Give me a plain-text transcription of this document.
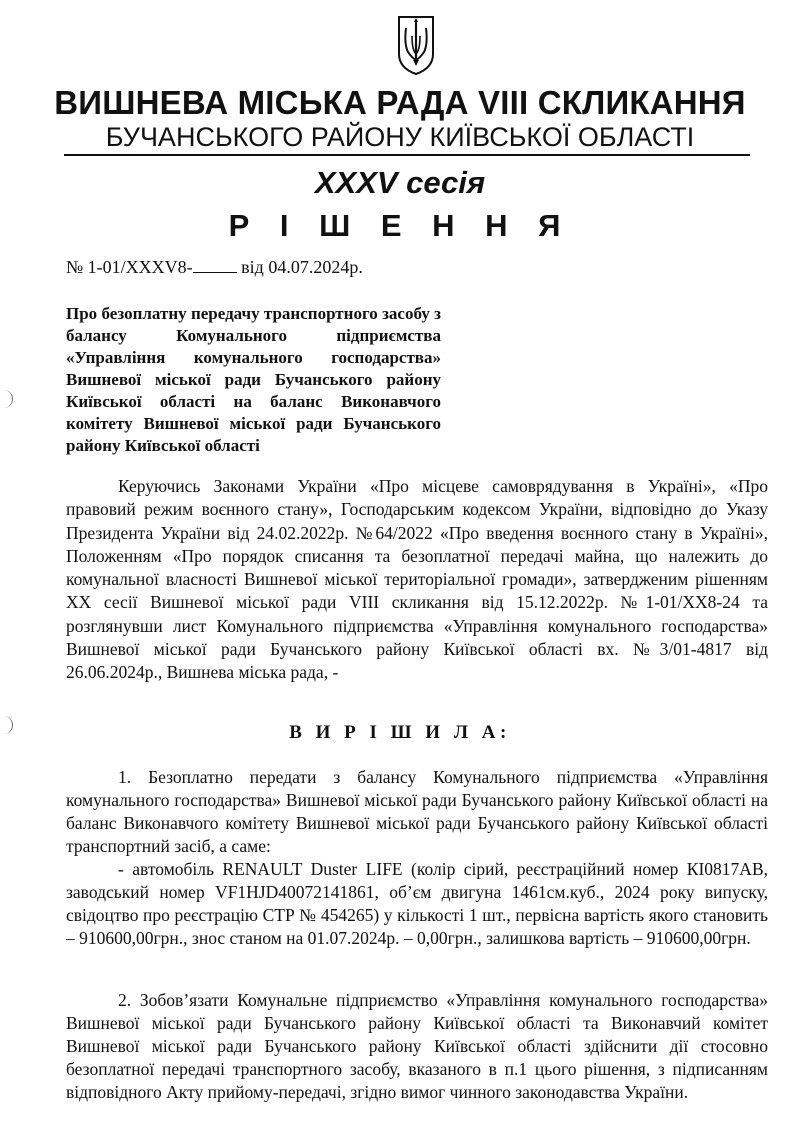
ВИШНЕВА МІСЬКА РАДА VIII СКЛИКАННЯ
БУЧАНСЬКОГО РАЙОНУ КИЇВСЬКОЇ ОБЛАСТІ
XXXV сесія
Р І Ш Е Н Н Я
№ 1-01/XXXV8- від 04.07.2024р.

Про безоплатну передачу транспортного засобу з балансу Комунального підприємства «Управління комунального господарства» Вишневої міської ради Бучанського району Київської області на баланс Виконавчого комітету Вишневої міської ради Бучанського району Київської області

Керуючись Законами України «Про місцеве самоврядування в Україні», «Про правовий режим воєнного стану», Господарським кодексом України, відповідно до Указу Президента України від 24.02.2022р. №64/2022 «Про введення воєнного стану в Україні», Положенням «Про порядок списання та безоплатної передачі майна, що належить до комунальної власності Вишневої міської територіальної громади», затвердженим рішенням XX сесії Вишневої міської ради VIII скликання від 15.12.2022р. №1-01/XX8-24 та розглянувши лист Комунального підприємства «Управління комунального господарства» Вишневої міської ради Бучанського району Київської області вх. №3/01-4817 від 26.06.2024р., Вишнева міська рада, -

В И Р І Ш И Л А:

1. Безоплатно передати з балансу Комунального підприємства «Управління комунального господарства» Вишневої міської ради Бучанського району Київської області на баланс Виконавчого комітету Вишневої міської ради Бучанського району Київської області транспортний засіб, а саме:

- автомобіль RENAULT Duster LIFE (колір сірий, реєстраційний номер КІ0817АВ, заводський номер VF1HJD40072141861, об’єм двигуна 1461см.куб., 2024 року випуску, свідоцтво про реєстрацію СТР № 454265) у кількості 1 шт., первісна вартість якого становить – 910600,00грн., знос станом на 01.07.2024р. – 0,00грн., залишкова вартість – 910600,00грн.

2. Зобов’язати Комунальне підприємство «Управління комунального господарства» Вишневої міської ради Бучанського району Київської області та Виконавчий комітет Вишневої міської ради Бучанського району Київської області здійснити дії стосовно безоплатної передачі транспортного засобу, вказаного в п.1 цього рішення, з підписанням відповідного Акту прийому-передачі, згідно вимог чинного законодавства України.
